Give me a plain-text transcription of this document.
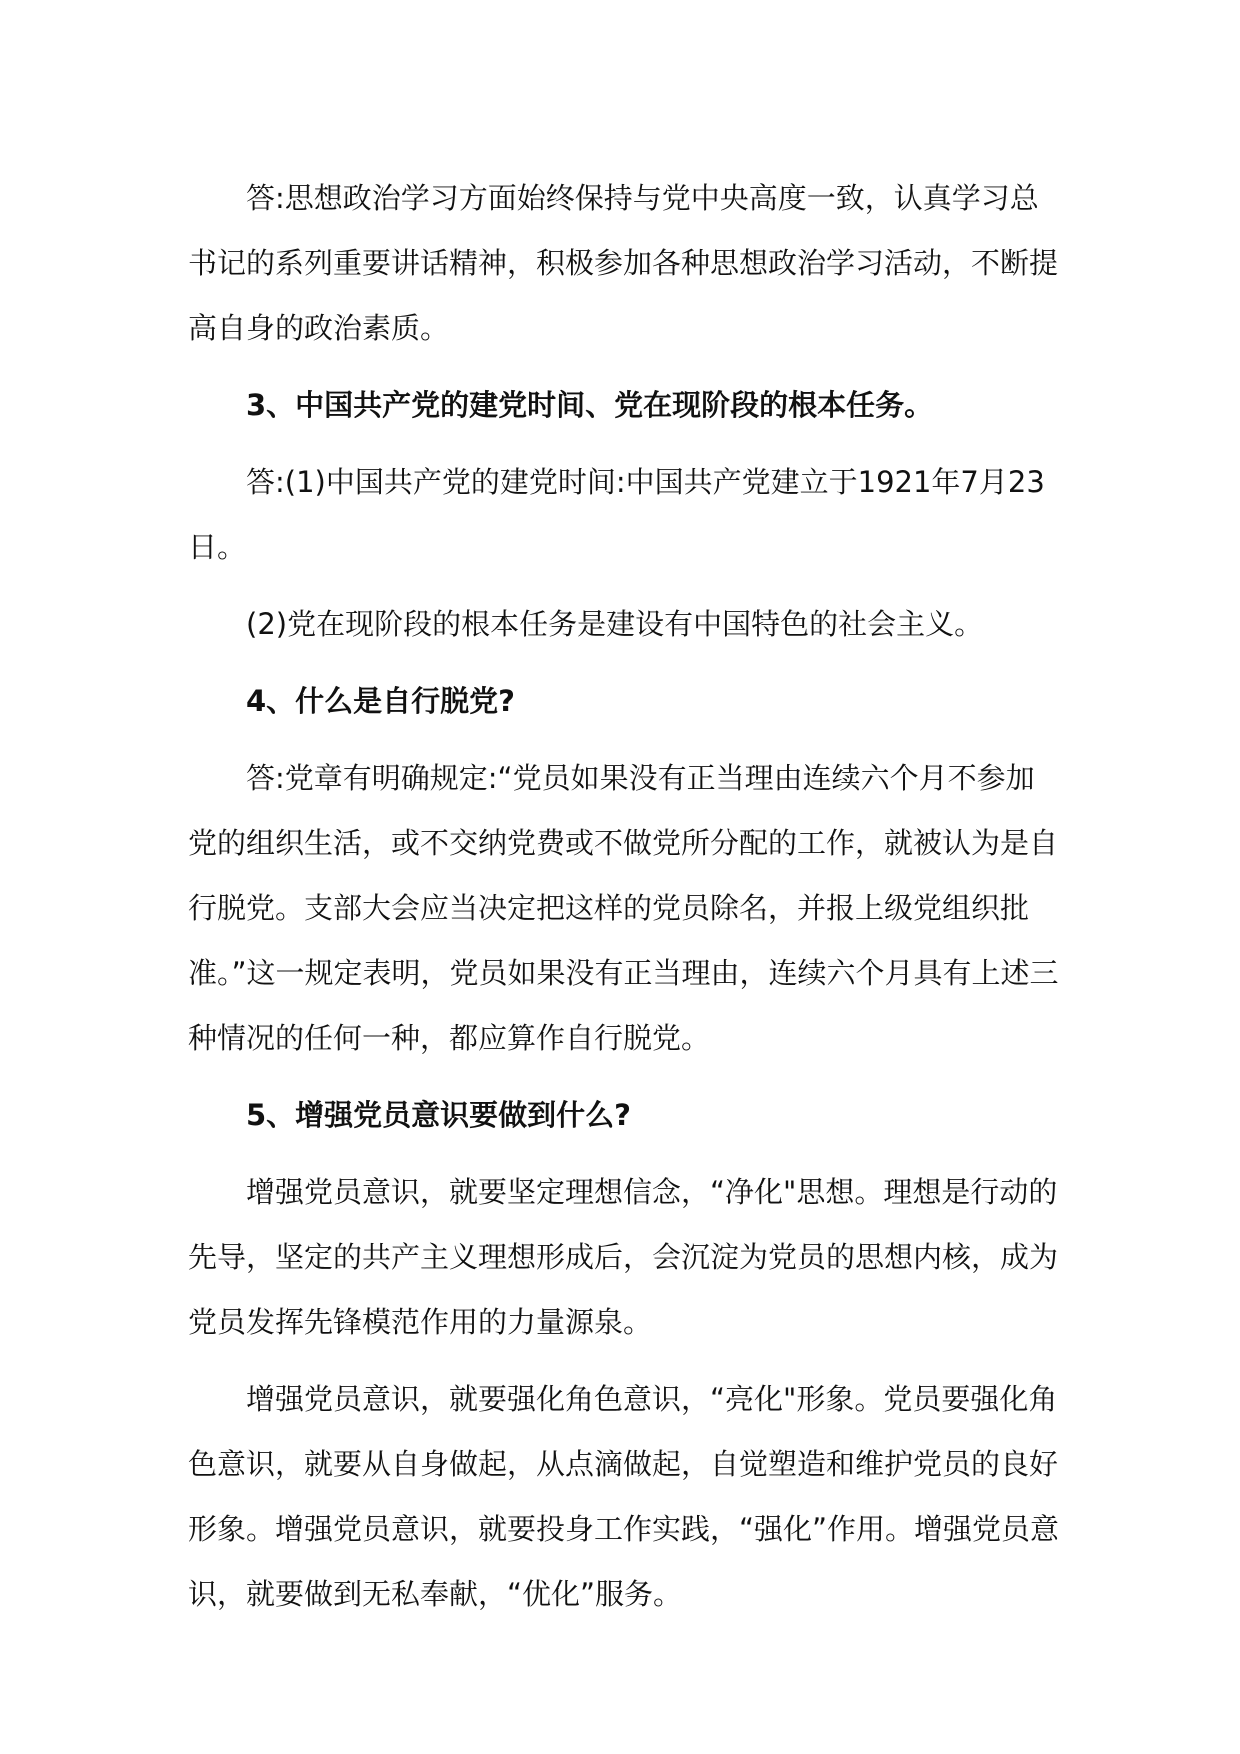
答:思想政治学习方面始终保持与党中央高度一致，认真学习总书记的系列重要讲话精神，积极参加各种思想政治学习活动，不断提高自身的政治素质。

3、中国共产党的建党时间、党在现阶段的根本任务。

答:(1)中国共产党的建党时间:中国共产党建立于1921年7月23日。

(2)党在现阶段的根本任务是建设有中国特色的社会主义。

4、什么是自行脱党?

答:党章有明确规定:“党员如果没有正当理由连续六个月不参加党的组织生活，或不交纳党费或不做党所分配的工作，就被认为是自行脱党。支部大会应当决定把这样的党员除名，并报上级党组织批准。”这一规定表明，党员如果没有正当理由，连续六个月具有上述三种情况的任何一种，都应算作自行脱党。

5、增强党员意识要做到什么?

增强党员意识，就要坚定理想信念，“净化"思想。理想是行动的先导，坚定的共产主义理想形成后，会沉淀为党员的思想内核，成为党员发挥先锋模范作用的力量源泉。

增强党员意识，就要强化角色意识，“亮化"形象。党员要强化角色意识，就要从自身做起，从点滴做起，自觉塑造和维护党员的良好形象。增强党员意识，就要投身工作实践，“强化”作用。增强党员意识，就要做到无私奉献，“优化”服务。
